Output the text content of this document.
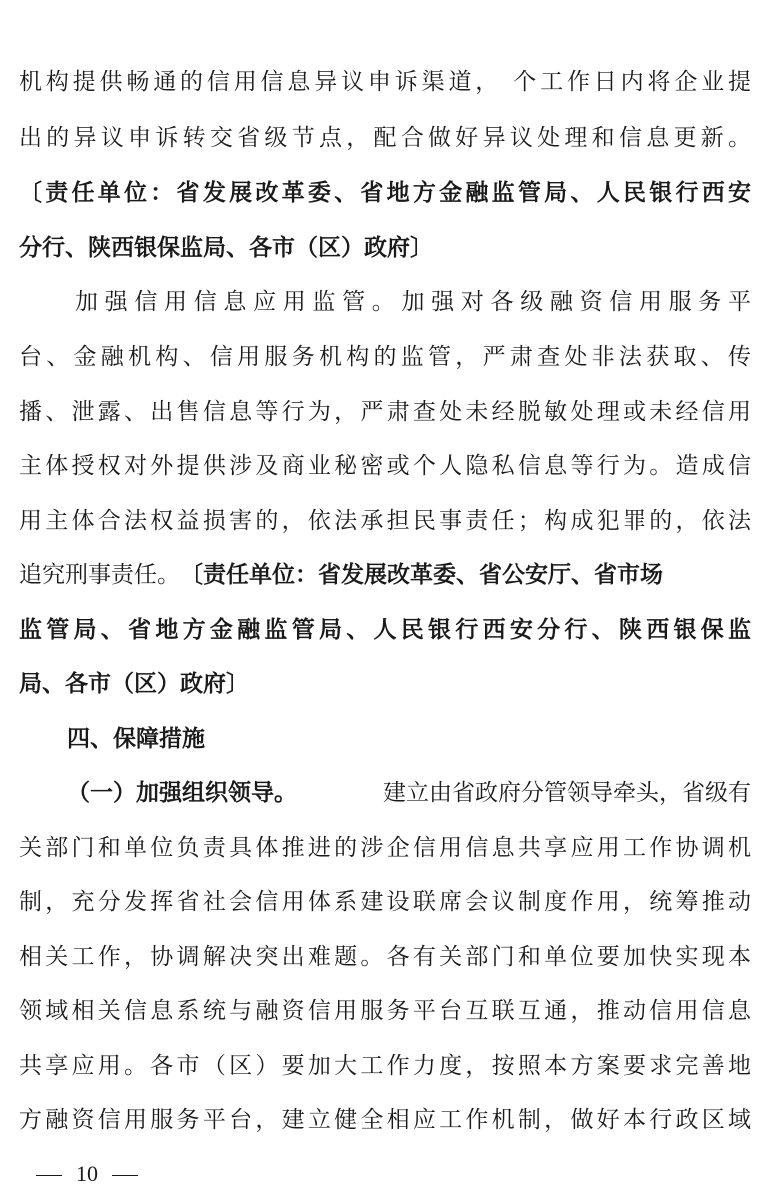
机构提供畅通的信用信息异议申诉渠道， 个工作日内将企业提
出的异议申诉转交省级节点，配合做好异议处理和信息更新。
〔责任单位：省发展改革委、省地方金融监管局、人民银行西安
分行、陕西银保监局、各市（区）政府〕
加强信用信息应用监管。加强对各级融资信用服务平
台、金融机构、信用服务机构的监管，严肃查处非法获取、传
播、泄露、出售信息等行为，严肃查处未经脱敏处理或未经信用
主体授权对外提供涉及商业秘密或个人隐私信息等行为。造成信
用主体合法权益损害的，依法承担民事责任；构成犯罪的，依法
追究刑事责任。 〔责任单位：省发展改革委、省公安厅、省市场
监管局、省地方金融监管局、人民银行西安分行、陕西银保监
局、各市（区）政府〕
四、保障措施
（一）加强组织领导。	建立由省政府分管领导牵头，省级有
关部门和单位负责具体推进的涉企信用信息共享应用工作协调机
制，充分发挥省社会信用体系建设联席会议制度作用，统筹推动
相关工作，协调解决突出难题。各有关部门和单位要加快实现本
领域相关信息系统与融资信用服务平台互联互通，推动信用信息
共享应用。各市（区）要加大工作力度，按照本方案要求完善地
方融资信用服务平台，建立健全相应工作机制，做好本行政区域
10
